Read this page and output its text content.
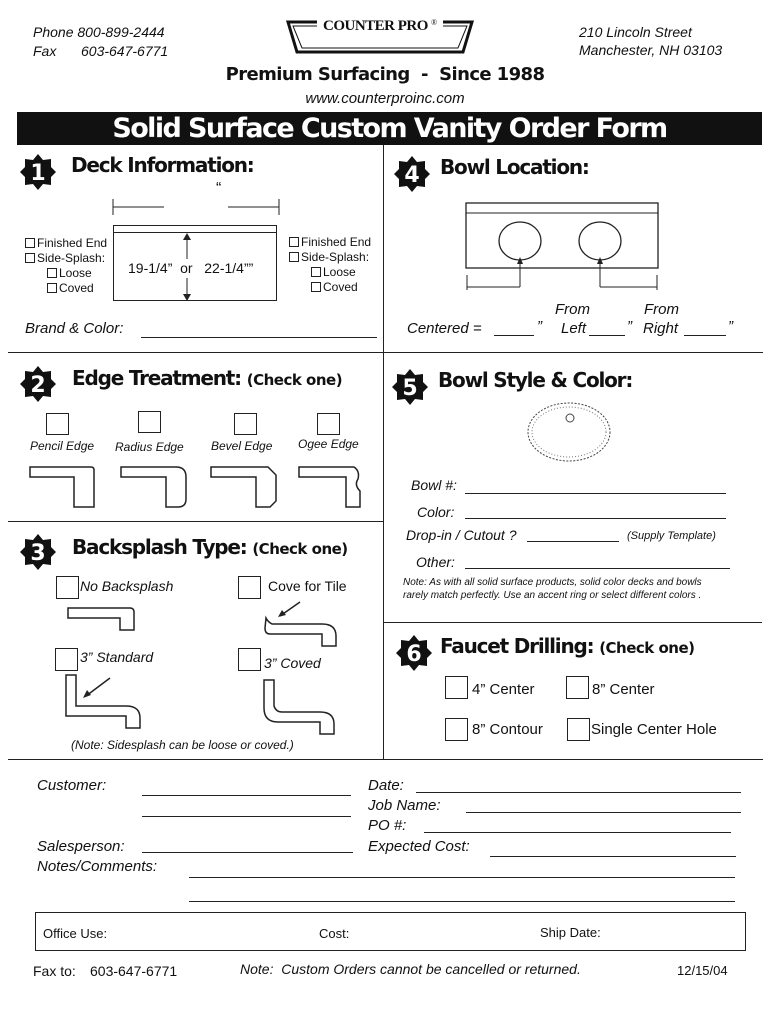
Phone 800-899-2444
Fax 603-647-6771
COUNTER PRO ®
210 Lincoln Street
Manchester, NH 03103
Premium Surfacing  -  Since 1988
www.counterproinc.com
Solid Surface Custom Vanity Order Form
1 Deck Information:
“
19-1/4”  or   22-1/4””
Finished End
Side-Splash:
Loose
Coved
Finished End
Side-Splash:
Loose
Coved
Brand & Color:
4 Bowl Location:
From	From
Centered =	” Left	” Right	”
2 Edge Treatment: (Check one)
Pencil Edge Radius Edge Bevel Edge Ogee Edge
5 Bowl Style & Color:
Bowl #:
Color:
Drop-in / Cutout ?	(Supply Template)
Other:
Note: As with all solid surface products, solid color decks and bowls rarely match perfectly. Use an accent ring or select different colors .
3 Backsplash Type: (Check one)
No Backsplash	Cove for Tile
3” Standard	3” Coved
(Note: Sidesplash can be loose or coved.)
6 Faucet Drilling: (Check one)
4” Center	8” Center
8” Contour	Single Center Hole
Customer:	Date:
Job Name:
PO #:
Salesperson:	Expected Cost:
Notes/Comments:
Office Use:	Cost:	Ship Date:
Fax to: 603-647-6771	Note:  Custom Orders cannot be cancelled or returned.	12/15/04
